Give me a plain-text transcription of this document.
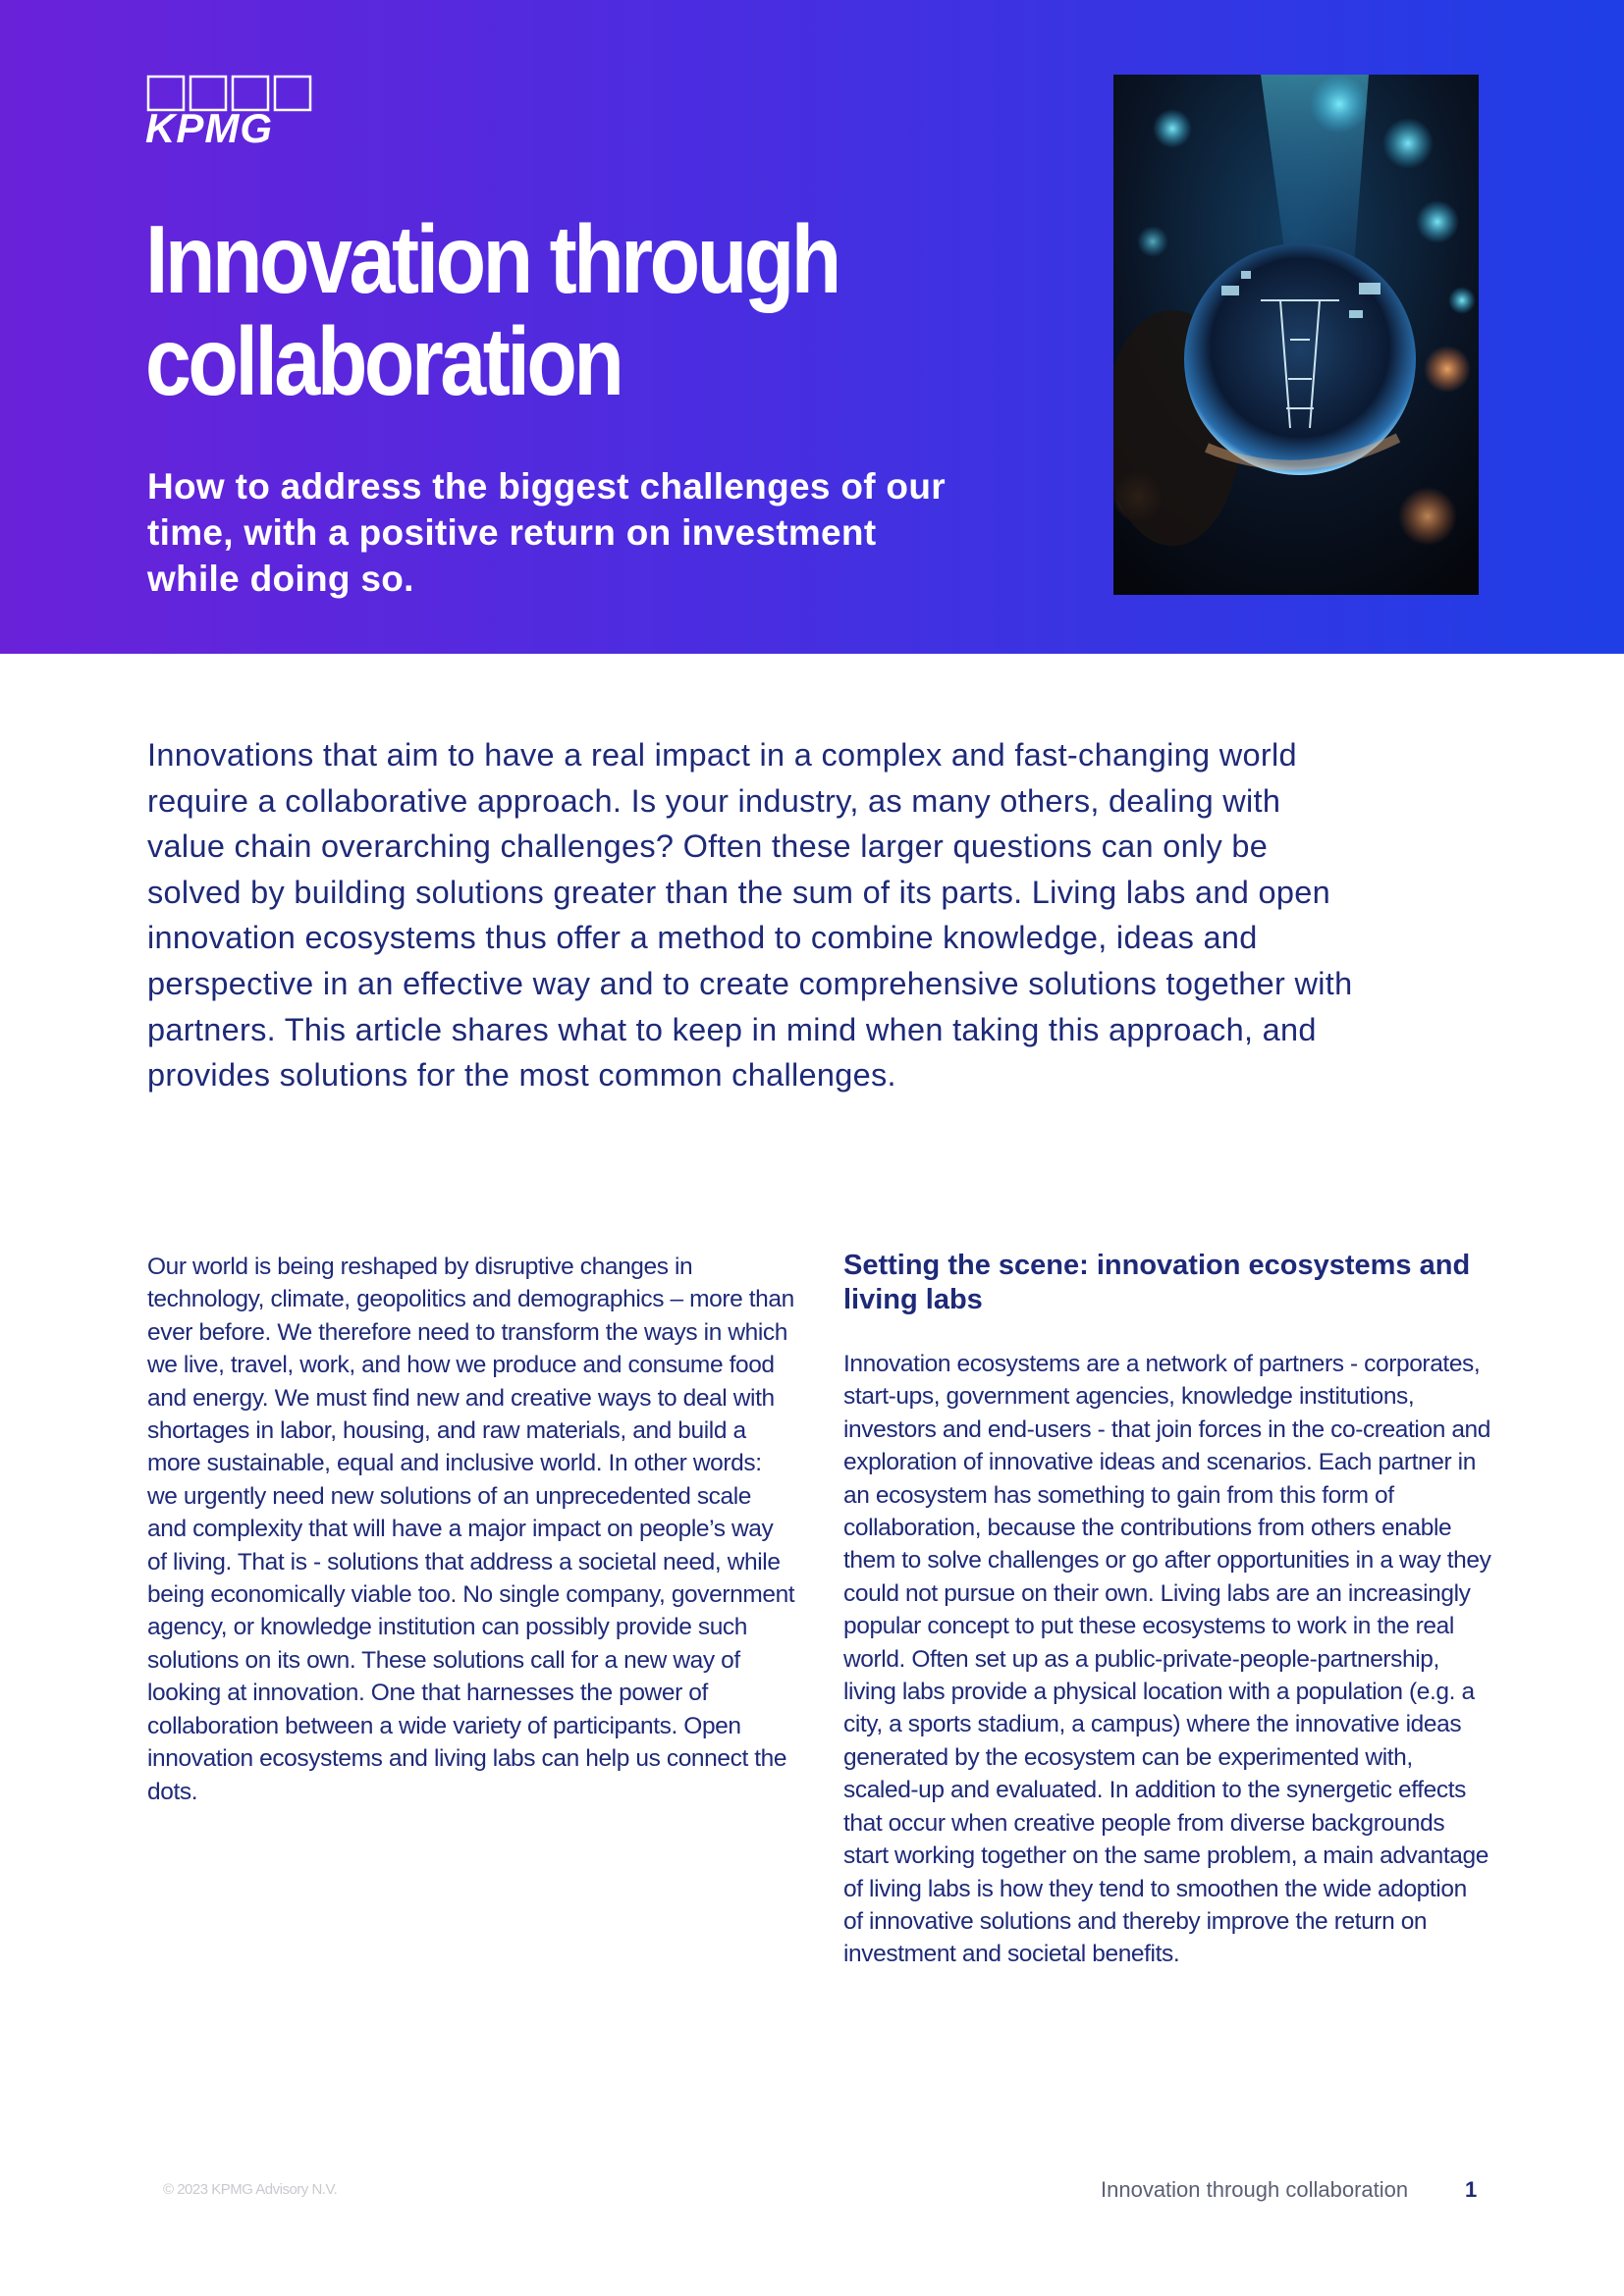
KPMG
Innovation through
collaboration

How to address the biggest challenges of our
time, with a positive return on investment
while doing so.

Innovations that aim to have a real impact in a complex and fast-changing world require a collaborative approach. Is your industry, as many others, dealing with value chain overarching challenges? Often these larger questions can only be solved by building solutions greater than the sum of its parts. Living labs and open innovation ecosystems thus offer a method to combine knowledge, ideas and perspective in an effective way and to create comprehensive solutions together with partners. This article shares what to keep in mind when taking this approach, and provides solutions for the most common challenges.

Our world is being reshaped by disruptive changes in technology, climate, geopolitics and demographics – more than ever before. We therefore need to transform the ways in which we live, travel, work, and how we produce and consume food and energy. We must find new and creative ways to deal with shortages in labor, housing, and raw materials, and build a more sustainable, equal and inclusive world. In other words: we urgently need new solutions of an unprecedented scale and complexity that will have a major impact on people’s way of living. That is - solutions that address a societal need, while being economically viable too. No single company, government agency, or knowledge institution can possibly provide such solutions on its own. These solutions call for a new way of looking at innovation. One that harnesses the power of collaboration between a wide variety of participants. Open innovation ecosystems and living labs can help us connect the dots.

Setting the scene: innovation ecosystems and living labs

Innovation ecosystems are a network of partners - corporates, start-ups, government agencies, knowledge institutions, investors and end-users - that join forces in the co-creation and exploration of innovative ideas and scenarios. Each partner in an ecosystem has something to gain from this form of collaboration, because the contributions from others enable them to solve challenges or go after opportunities in a way they could not pursue on their own. Living labs are an increasingly popular concept to put these ecosystems to work in the real world. Often set up as a public-private-people-partnership, living labs provide a physical location with a population (e.g. a city, a sports stadium, a campus) where the innovative ideas generated by the ecosystem can be experimented with, scaled-up and evaluated. In addition to the synergetic effects that occur when creative people from diverse backgrounds start working together on the same problem, a main advantage of living labs is how they tend to smoothen the wide adoption of innovative solutions and thereby improve the return on investment and societal benefits.

© 2023 KPMG Advisory N.V.	Innovation through collaboration	1
